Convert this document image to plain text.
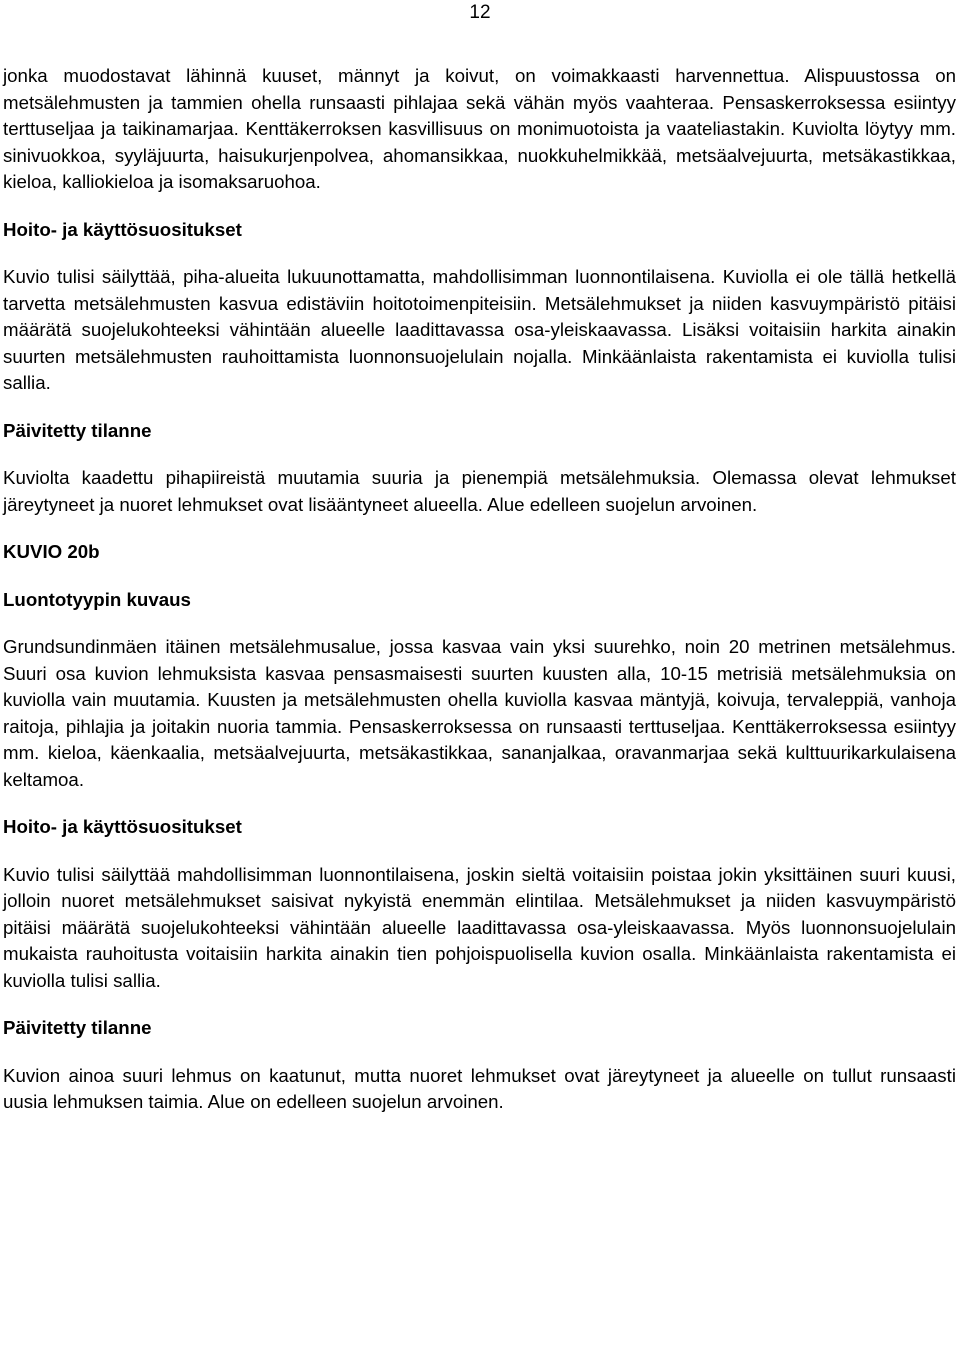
12

jonka muodostavat lähinnä kuuset, männyt ja koivut, on voimakkaasti harvennettua. Alispuustossa on metsälehmusten ja tammien ohella runsaasti pihlajaa sekä vähän myös vaahteraa. Pensaskerroksessa esiintyy terttuseljaa ja taikinamarjaa. Kenttäkerroksen kasvillisuus on monimuotoista ja vaateliastakin. Kuviolta löytyy mm. sinivuokkoa, syyläjuurta, haisukurjenpolvea, ahomansikkaa, nuokkuhelmikkää, metsäalvejuurta, metsäkastikkaa, kieloa, kalliokieloa ja isomaksaruohoa.

Hoito- ja käyttösuositukset

Kuvio tulisi säilyttää, piha-alueita lukuunottamatta, mahdollisimman luonnontilaisena. Kuviolla ei ole tällä hetkellä tarvetta metsälehmusten kasvua edistäviin hoitotoimenpiteisiin. Metsälehmukset ja niiden kasvuympäristö pitäisi määrätä suojelukohteeksi vähintään alueelle laadittavassa osa-yleiskaavassa. Lisäksi voitaisiin harkita ainakin suurten metsälehmusten rauhoittamista luonnonsuojelulain nojalla. Minkäänlaista rakentamista ei kuviolla tulisi sallia.

Päivitetty tilanne

Kuviolta kaadettu pihapiireistä muutamia suuria ja pienempiä metsälehmuksia. Olemassa olevat lehmukset järeytyneet ja nuoret lehmukset ovat lisääntyneet alueella. Alue edelleen suojelun arvoinen.

KUVIO 20b
Luontotyypin kuvaus

Grundsundinmäen itäinen metsälehmusalue, jossa kasvaa vain yksi suurehko, noin 20 metrinen metsälehmus. Suuri osa kuvion lehmuksista kasvaa pensasmaisesti suurten kuusten alla, 10-15 metrisiä metsälehmuksia on kuviolla vain muutamia. Kuusten ja metsälehmusten ohella kuviolla kasvaa mäntyjä, koivuja, tervaleppiä, vanhoja raitoja, pihlajia ja joitakin nuoria tammia. Pensaskerroksessa on runsaasti terttuseljaa. Kenttäkerroksessa esiintyy mm. kieloa, käenkaalia, metsäalvejuurta, metsäkastikkaa, sananjalkaa, oravanmarjaa sekä kulttuurikarkulaisena keltamoa.

Hoito- ja käyttösuositukset

Kuvio tulisi säilyttää mahdollisimman luonnontilaisena, joskin sieltä voitaisiin poistaa jokin yksittäinen suuri kuusi, jolloin nuoret metsälehmukset saisivat nykyistä enemmän elintilaa. Metsälehmukset ja niiden kasvuympäristö pitäisi määrätä suojelukohteeksi vähintään alueelle laadittavassa osa-yleiskaavassa. Myös luonnonsuojelulain mukaista rauhoitusta voitaisiin harkita ainakin tien pohjoispuolisella kuvion osalla. Minkäänlaista rakentamista ei kuviolla tulisi sallia.

Päivitetty tilanne

Kuvion ainoa suuri lehmus on kaatunut, mutta nuoret lehmukset ovat järeytyneet ja alueelle on tullut runsaasti uusia lehmuksen taimia. Alue on edelleen suojelun arvoinen.
